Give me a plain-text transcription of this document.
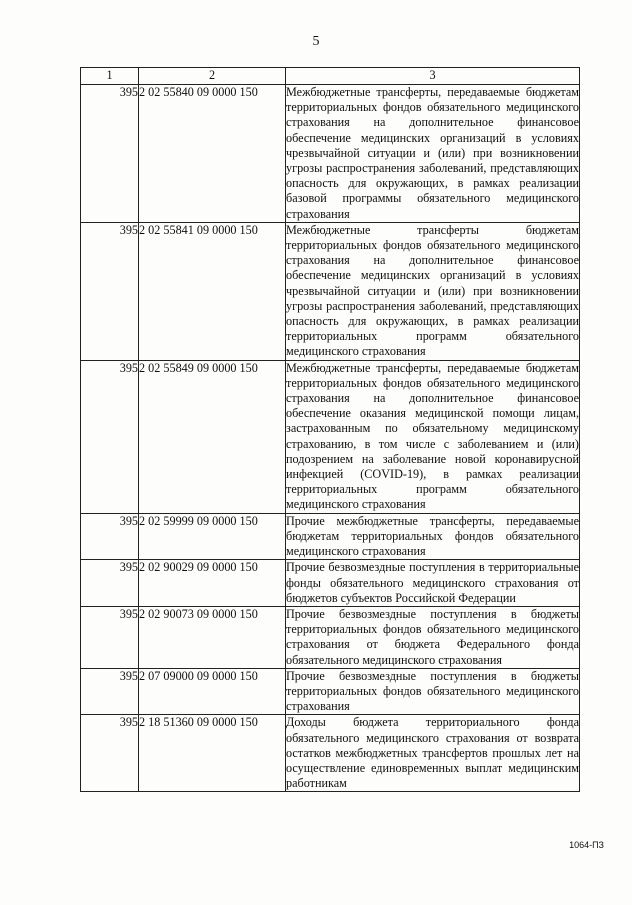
5
1	2	3
395	2 02 55840 09 0000 150	Межбюджетные трансферты, передаваемые бюджетам территориальных фондов обязательного медицинского страхования на дополнительное финансовое обеспечение медицинских организаций в условиях чрезвычайной ситуации и (или) при возникновении угрозы распространения заболеваний, представляющих опасность для окружающих, в рамках реализации базовой программы обязательного медицинского страхования
395	2 02 55841 09 0000 150	Межбюджетные трансферты бюджетам территориальных фондов обязательного медицинского страхования на дополнительное финансовое обеспечение медицинских организаций в условиях чрезвычайной ситуации и (или) при возникновении угрозы распространения заболеваний, представляющих опасность для окружающих, в рамках реализации территориальных программ обязательного медицинского страхования
395	2 02 55849 09 0000 150	Межбюджетные трансферты, передаваемые бюджетам территориальных фондов обязательного медицинского страхования на дополнительное финансовое обеспечение оказания медицинской помощи лицам, застрахованным по обязательному медицинскому страхованию, в том числе с заболеванием и (или) подозрением на заболевание новой коронавирусной инфекцией (COVID-19), в рамках реализации территориальных программ обязательного медицинского страхования
395	2 02 59999 09 0000 150	Прочие межбюджетные трансферты, передаваемые бюджетам территориальных фондов обязательного медицинского страхования
395	2 02 90029 09 0000 150	Прочие безвозмездные поступления в территориальные фонды обязательного медицинского страхования от бюджетов субъектов Российской Федерации
395	2 02 90073 09 0000 150	Прочие безвозмездные поступления в бюджеты территориальных фондов обязательного медицинского страхования от бюджета Федерального фонда обязательного медицинского страхования
395	2 07 09000 09 0000 150	Прочие безвозмездные поступления в бюджеты территориальных фондов обязательного медицинского страхования
395	2 18 51360 09 0000 150	Доходы бюджета территориального фонда обязательного медицинского страхования от возврата остатков межбюджетных трансфертов прошлых лет на осуществление единовременных выплат медицинским работникам
1064-ПЗ
